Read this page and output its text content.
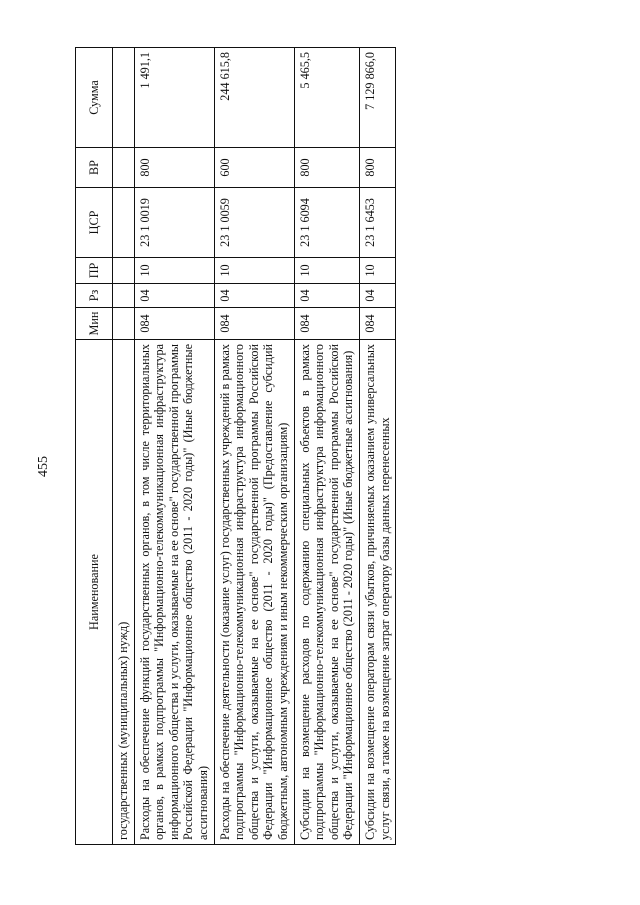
455
Наименование	Мин	Рз	ПР	ЦСР	ВР	Сумма
государственных (муниципальных) нужд)						
Расходы на обеспечение функций государственных органов, в том числе территориальных органов, в рамках подпрограммы "Информационно-телекоммуникационная инфраструктура информационного общества и услуги, оказываемые на ее основе" государственной программы Российской Федерации "Информационное общество (2011 - 2020 годы)" (Иные бюджетные ассигнования)	084	04	10	23 1 0019	800	1 491,1
Расходы на обеспечение деятельности (оказание услуг) государственных учреждений в рамках подпрограммы "Информационно-телекоммуникационная инфраструктура информационного общества и услуги, оказываемые на ее основе" государственной программы Российской Федерации "Информационное общество (2011 - 2020 годы)" (Предоставление субсидий бюджетным, автономным учреждениям и иным некоммерческим организациям)	084	04	10	23 1 0059	600	244 615,8
Субсидии на возмещение расходов по содержанию специальных объектов в рамках подпрограммы "Информационно-телекоммуникационная инфраструктура информационного общества и услуги, оказываемые на ее основе" государственной программы Российской Федерации "Информационное общество (2011 - 2020 годы)" (Иные бюджетные ассигнования)	084	04	10	23 1 6094	800	5 465,5
Субсидии на возмещение операторам связи убытков, причиняемых оказанием универсальных услуг связи, а также на возмещение затрат оператору базы данных перенесенных	084	04	10	23 1 6453	800	7 129 866,0
